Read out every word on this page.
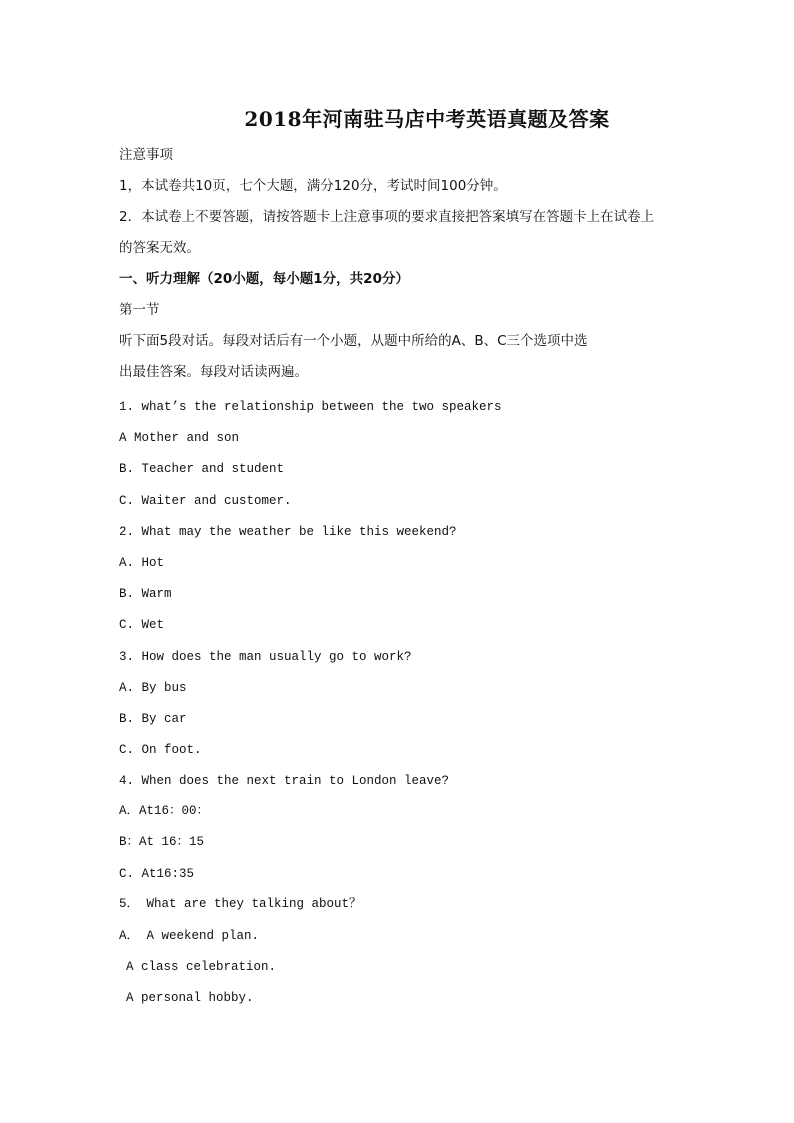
2018年河南驻马店中考英语真题及答案
注意事项
1，本试卷共10页，七个大题，满分120分，考试时间100分钟。
2．本试卷上不要答题，请按答题卡上注意事项的要求直接把答案填写在答题卡上在试卷上
的答案无效。
一、听力理解（20小题，每小题1分，共20分）
第一节
听下面5段对话。每段对话后有一个小题，从题中所给的A、B、C三个选项中选
出最佳答案。每段对话读两遍。
1. what’s the relationship between the two speakers
A Mother and son
B. Teacher and student
C. Waiter and customer.
2. What may the weather be like this weekend?
A. Hot
B. Warm
C. Wet
3. How does the man usually go to work?
A. By bus
B. By car
C. On foot.
4. When does the next train to London leave?
A．At16：00：
B：At 16：15
C. At16:35
5． What are they talking about？
A． A weekend plan.
A class celebration.
A personal hobby.
